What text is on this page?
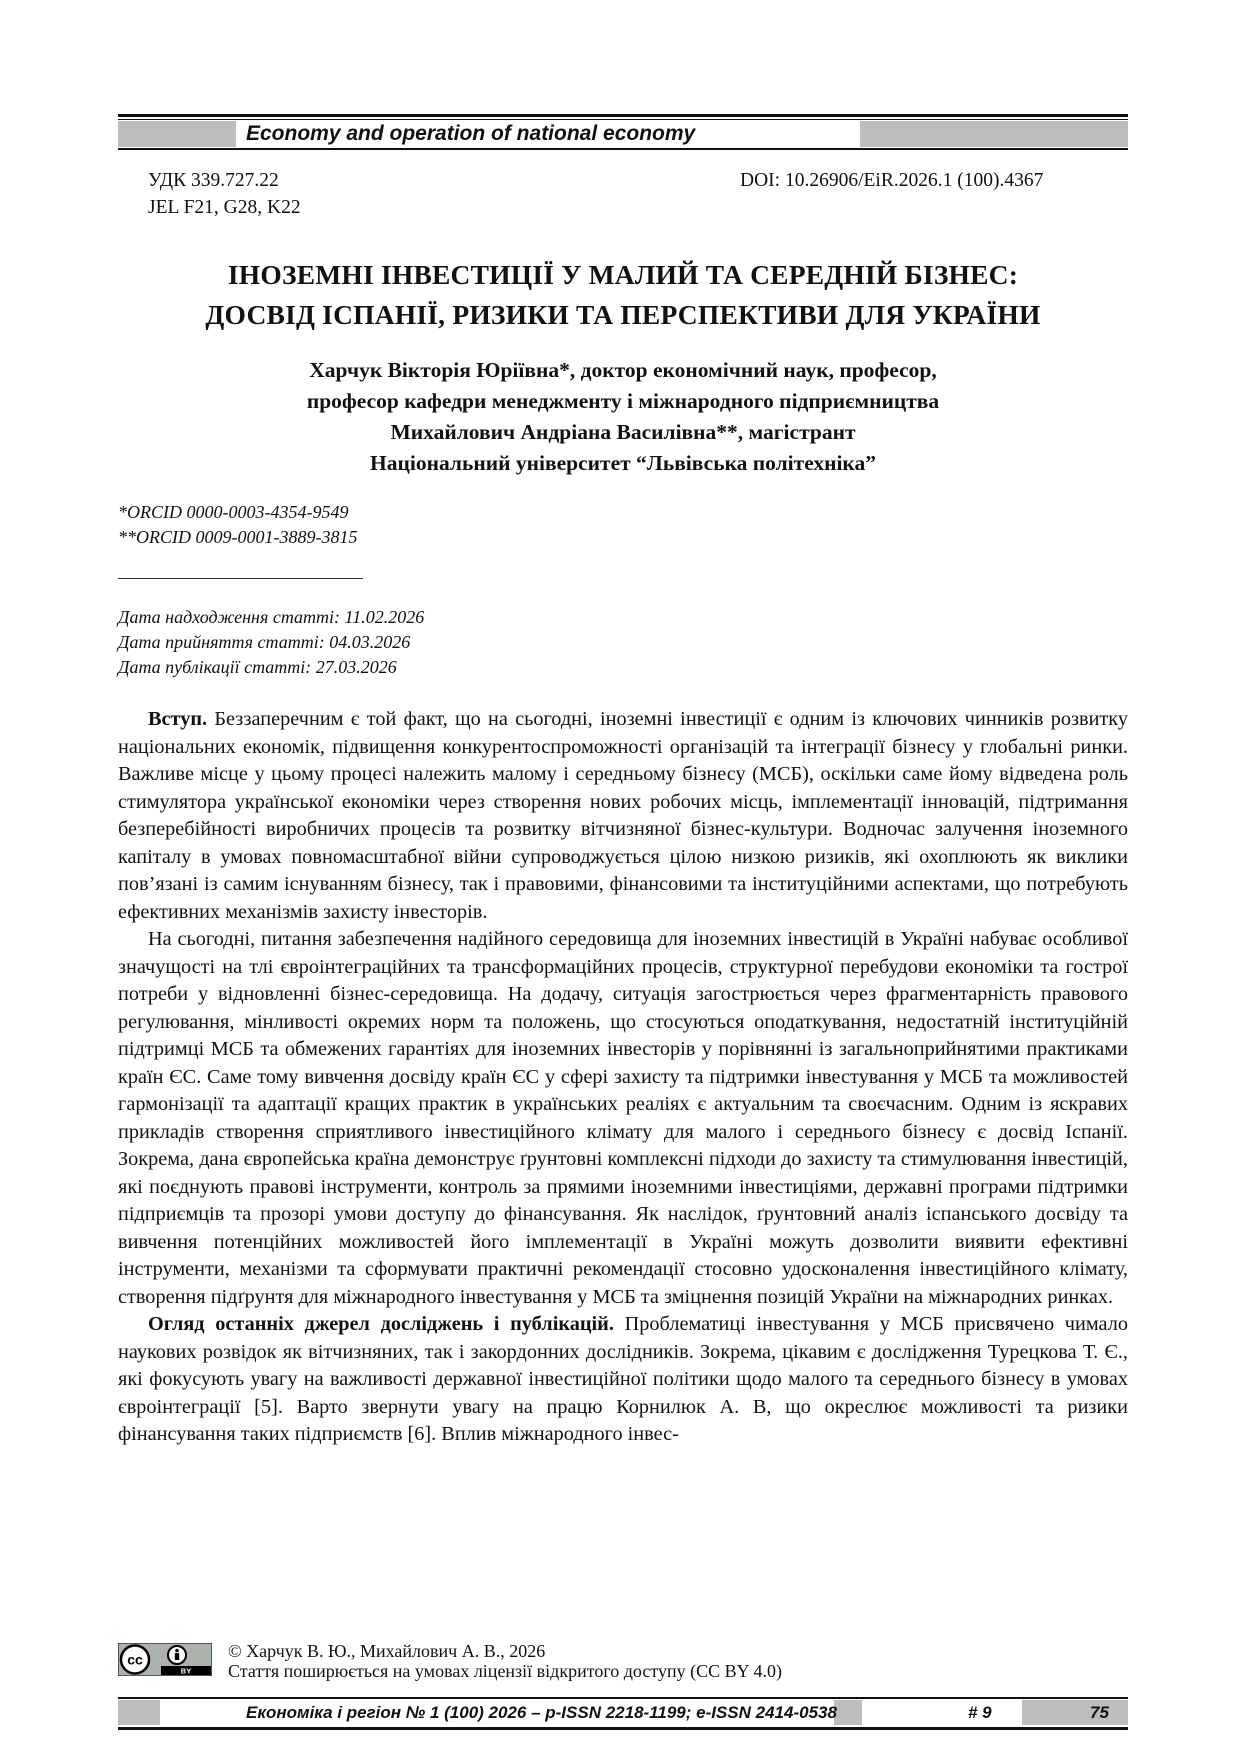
Economy and operation of national economy
УДК 339.727.22
JEL F21, G28, K22
DOI: 10.26906/EiR.2026.1 (100).4367
ІНОЗЕМНІ ІНВЕСТИЦІЇ У МАЛИЙ ТА СЕРЕДНІЙ БІЗНЕС:
ДОСВІД ІСПАНІЇ, РИЗИКИ ТА ПЕРСПЕКТИВИ ДЛЯ УКРАЇНИ
Харчук Вікторія Юріївна*, доктор економічний наук, професор,
професор кафедри менеджменту і міжнародного підприємництва
Михайлович Андріана Василівна**, магістрант
Національний університет “Львівська політехніка”
*ORCID 0000-0003-4354-9549
**ORCID 0009-0001-3889-3815
Дата надходження статті: 11.02.2026
Дата прийняття статті: 04.03.2026
Дата публікації статті: 27.03.2026

Вступ. Беззаперечним є той факт, що на сьогодні, іноземні інвестиції є одним із ключових чинників розвитку національних економік, підвищення конкурентоспроможності організацій та інтеграції бізнесу у глобальні ринки. Важливе місце у цьому процесі належить малому і середньому бізнесу (МСБ), оскільки саме йому відведена роль стимулятора української економіки через створення нових робочих місць, імплементації інновацій, підтримання безперебійності виробничих процесів та розвитку вітчизняної бізнес-культури. Водночас залучення іноземного капіталу в умовах повномасштабної війни супроводжується цілою низкою ризиків, які охоплюють як виклики пов’язані із самим існуванням бізнесу, так і правовими, фінансовими та інституційними аспектами, що потребують ефективних механізмів захисту інвесторів.

На сьогодні, питання забезпечення надійного середовища для іноземних інвестицій в Україні набуває особливої значущості на тлі євроінтеграційних та трансформаційних процесів, структурної перебудови економіки та гострої потреби у відновленні бізнес-середовища. На додачу, ситуація загострюється через фрагментарність правового регулювання, мінливості окремих норм та положень, що стосуються оподаткування, недостатній інституційній підтримці МСБ та обмежених гарантіях для іноземних інвесторів у порівнянні із загальноприйнятими практиками країн ЄС. Саме тому вивчення досвіду країн ЄС у сфері захисту та підтримки інвестування у МСБ та можливостей гармонізації та адаптації кращих практик в українських реаліях є актуальним та своєчасним. Одним із яскравих прикладів створення сприятливого інвестиційного клімату для малого і середнього бізнесу є досвід Іспанії. Зокрема, дана європейська країна демонструє ґрунтовні комплексні підходи до захисту та стимулювання інвестицій, які поєднують правові інструменти, контроль за прямими іноземними інвестиціями, державні програми підтримки підприємців та прозорі умови доступу до фінансування. Як наслідок, ґрунтовний аналіз іспанського досвіду та вивчення потенційних можливостей його імплементації в Україні можуть дозволити виявити ефективні інструменти, механізми та сформувати практичні рекомендації стосовно удосконалення інвестиційного клімату, створення підґрунтя для міжнародного інвестування у МСБ та зміцнення позицій України на міжнародних ринках.

Огляд останніх джерел досліджень і публікацій. Проблематиці інвестування у МСБ присвячено чимало наукових розвідок як вітчизняних, так і закордонних дослідників. Зокрема, цікавим є дослідження Турецкова Т. Є., які фокусують увагу на важливості державної інвестиційної політики щодо малого та середнього бізнесу в умовах євроінтеграції [5]. Варто звернути увагу на працю Корнилюк А. В, що окреслює можливості та ризики фінансування таких підприємств [6]. Вплив міжнародного інвес-

cc
BY
© Харчук В. Ю., Михайлович А. В., 2026
Стаття поширюється на умовах ліцензії відкритого доступу (CC BY 4.0)
Економіка і регіон № 1 (100) 2026 – p-ISSN 2218-1199; e-ISSN 2414-0538	# 9	75
